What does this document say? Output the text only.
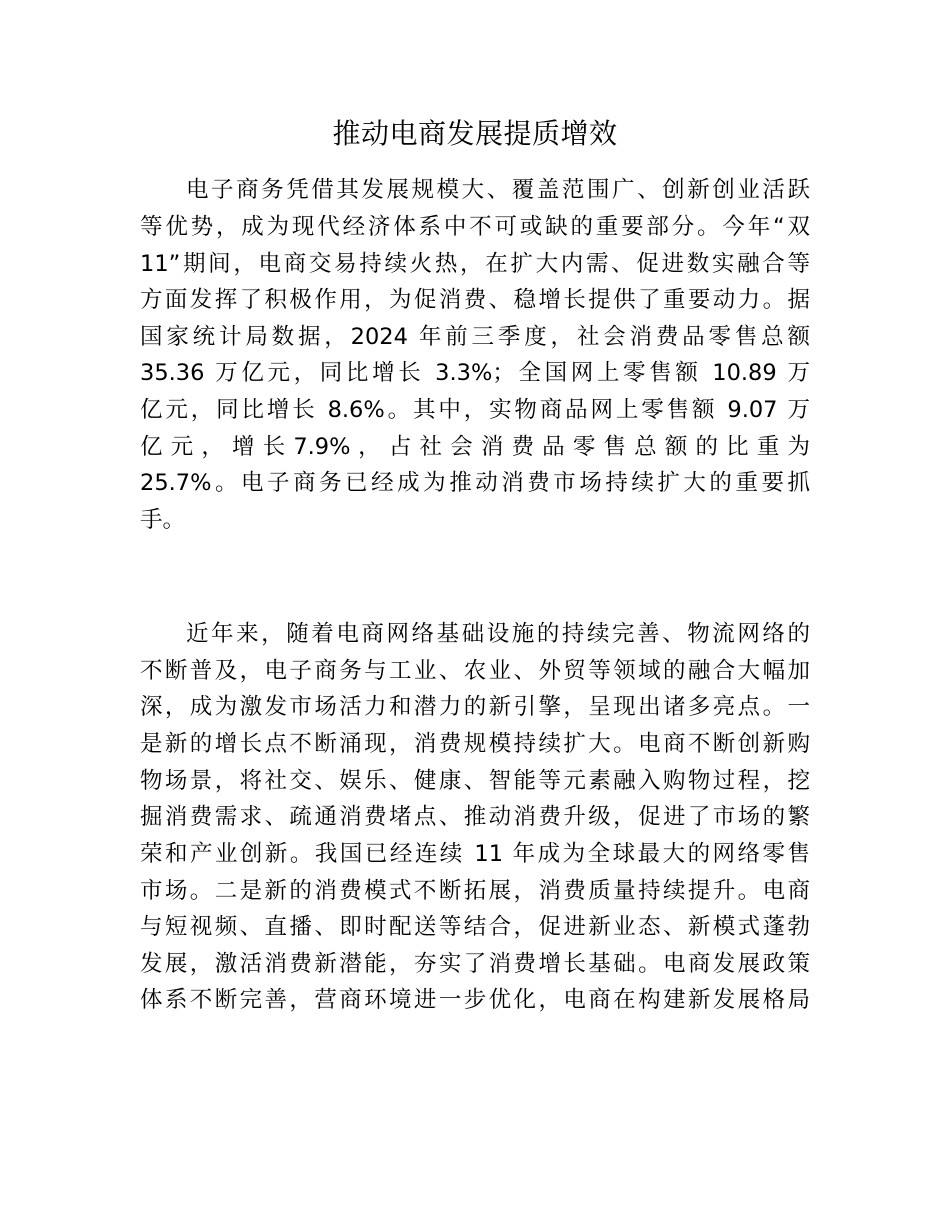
推动电商发展提质增效
电子商务凭借其发展规模大、覆盖范围广、创新创业活跃
等优势，成为现代经济体系中不可或缺的重要部分。今年“双
11”期间，电商交易持续火热，在扩大内需、促进数实融合等
方面发挥了积极作用，为促消费、稳增长提供了重要动力。据
国家统计局数据，2024 年前三季度，社会消费品零售总额
35.36 万亿元，同比增长 3.3%；全国网上零售额 10.89 万
亿元，同比增长 8.6%。其中，实物商品网上零售额 9.07 万
亿 元 ， 增 长 7.9% ， 占 社 会 消 费 品 零 售 总 额 的 比 重 为
25.7%。电子商务已经成为推动消费市场持续扩大的重要抓
手。
近年来，随着电商网络基础设施的持续完善、物流网络的
不断普及，电子商务与工业、农业、外贸等领域的融合大幅加
深，成为激发市场活力和潜力的新引擎，呈现出诸多亮点。一
是新的增长点不断涌现，消费规模持续扩大。电商不断创新购
物场景，将社交、娱乐、健康、智能等元素融入购物过程，挖
掘消费需求、疏通消费堵点、推动消费升级，促进了市场的繁
荣和产业创新。我国已经连续 11 年成为全球最大的网络零售
市场。二是新的消费模式不断拓展，消费质量持续提升。电商
与短视频、直播、即时配送等结合，促进新业态、新模式蓬勃
发展，激活消费新潜能，夯实了消费增长基础。电商发展政策
体系不断完善，营商环境进一步优化，电商在构建新发展格局
